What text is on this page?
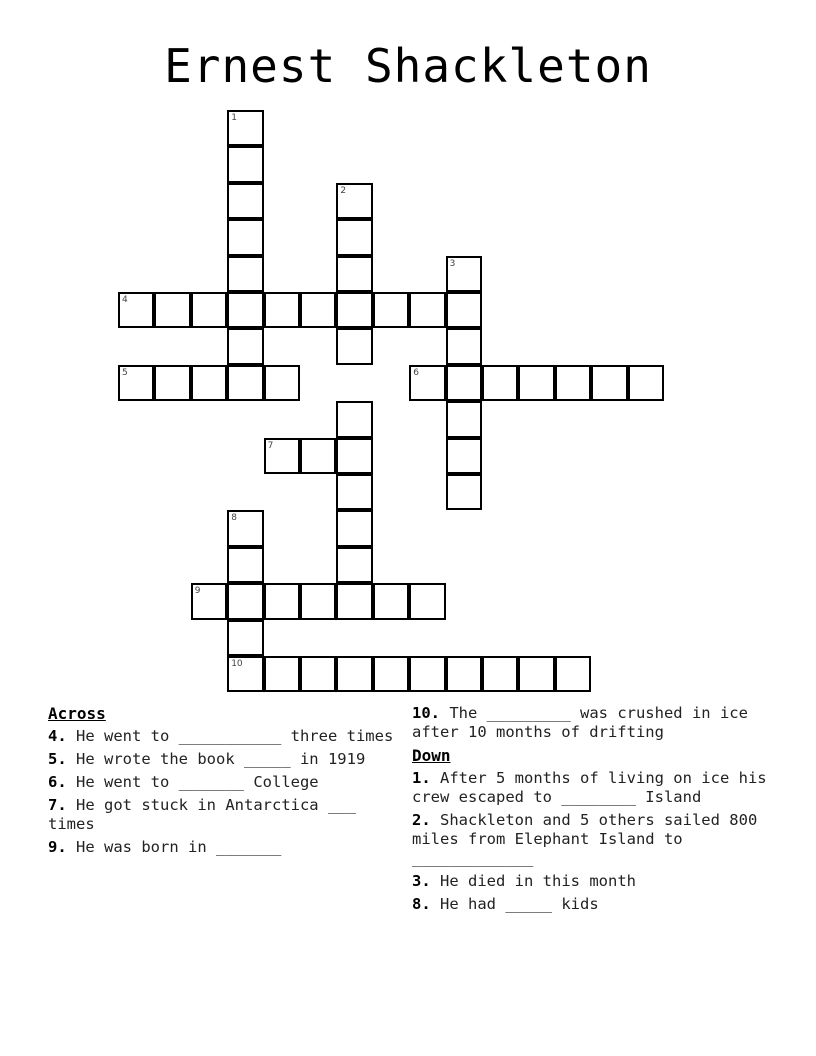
Ernest Shackleton
1
2
3
4
5	6
7
8
9
10
Across
4. He went to ___________ three times
5. He wrote the book _____ in 1919
6. He went to _______ College
7. He got stuck in Antarctica ___ times
9. He was born in _______
10. The _________ was crushed in ice after 10 months of drifting
Down
1. After 5 months of living on ice his crew escaped to ________ Island
2. Shackleton and 5 others sailed 800 miles from Elephant Island to _____________
3. He died in this month
8. He had _____ kids
